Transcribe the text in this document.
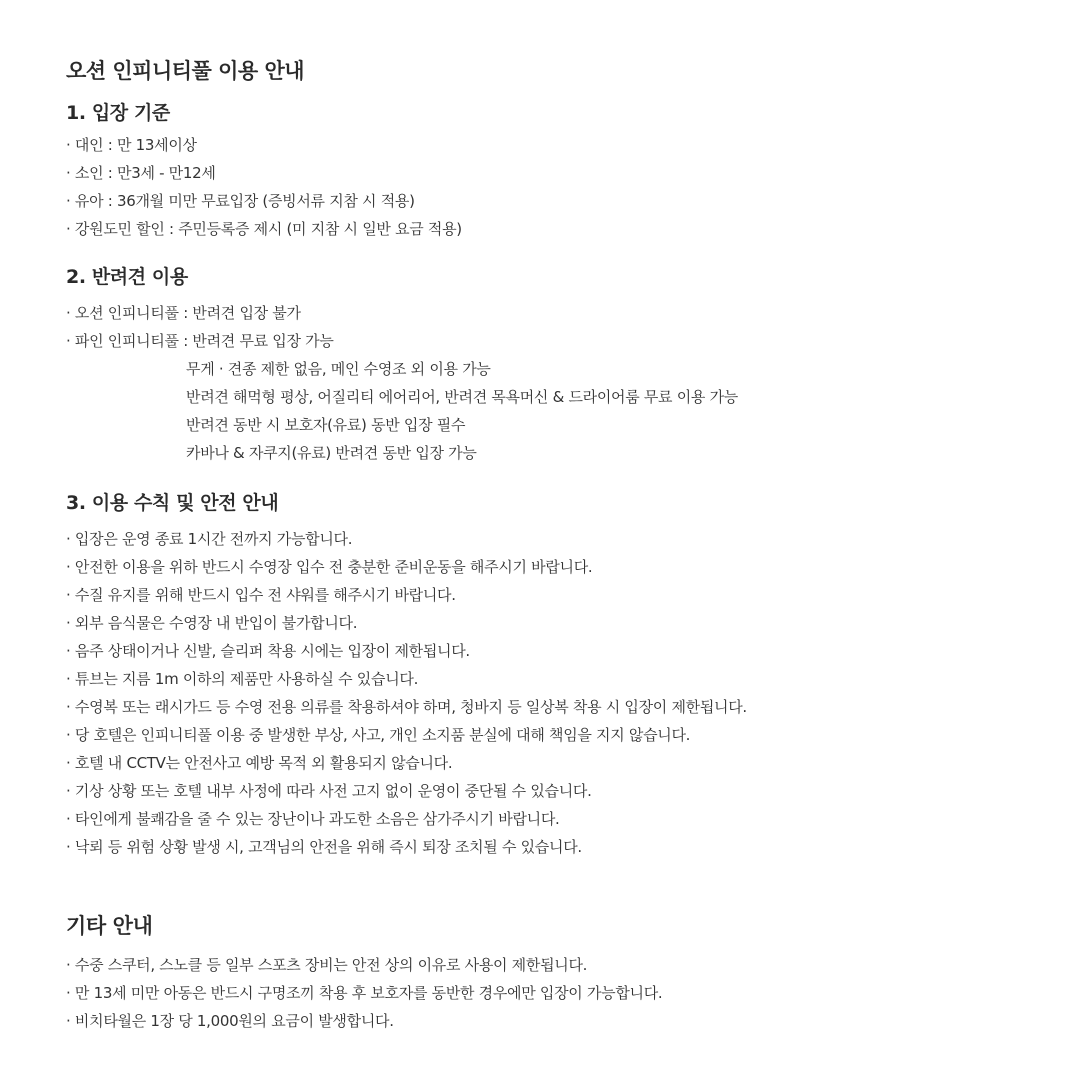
오션 인피니티풀 이용 안내
1. 입장 기준
· 대인 : 만 13세이상
· 소인 : 만3세 - 만12세
· 유아 : 36개월 미만 무료입장 (증빙서류 지참 시 적용)
· 강원도민 할인 : 주민등록증 제시 (미 지참 시 일반 요금 적용)
2. 반려견 이용
· 오션 인피니티풀 : 반려견 입장 불가
· 파인 인피니티풀 : 반려견 무료 입장 가능
무게 · 견종 제한 없음, 메인 수영조 외 이용 가능
반려견 해먹형 평상, 어질리티 에어리어, 반려견 목욕머신 & 드라이어룸 무료 이용 가능
반려견 동반 시 보호자(유료) 동반 입장 필수
카바나 & 자쿠지(유료) 반려견 동반 입장 가능
3. 이용 수칙 및 안전 안내
· 입장은 운영 종료 1시간 전까지 가능합니다.
· 안전한 이용을 위하 반드시 수영장 입수 전 충분한 준비운동을 해주시기 바랍니다.
· 수질 유지를 위해 반드시 입수 전 샤워를 해주시기 바랍니다.
· 외부 음식물은 수영장 내 반입이 불가합니다.
· 음주 상태이거나 신발, 슬리퍼 착용 시에는 입장이 제한됩니다.
· 튜브는 지름 1m 이하의 제품만 사용하실 수 있습니다.
· 수영복 또는 래시가드 등 수영 전용 의류를 착용하셔야 하며, 청바지 등 일상복 착용 시 입장이 제한됩니다.
· 당 호텔은 인피니티풀 이용 중 발생한 부상, 사고, 개인 소지품 분실에 대해 책임을 지지 않습니다.
· 호텔 내 CCTV는 안전사고 예방 목적 외 활용되지 않습니다.
· 기상 상황 또는 호텔 내부 사정에 따라 사전 고지 없이 운영이 중단될 수 있습니다.
· 타인에게 불쾌감을 줄 수 있는 장난이나 과도한 소음은 삼가주시기 바랍니다.
· 낙뢰 등 위험 상황 발생 시, 고객님의 안전을 위해 즉시 퇴장 조치될 수 있습니다.
기타 안내
· 수중 스쿠터, 스노클 등 일부 스포츠 장비는 안전 상의 이유로 사용이 제한됩니다.
· 만 13세 미만 아동은 반드시 구명조끼 착용 후 보호자를 동반한 경우에만 입장이 가능합니다.
· 비치타월은 1장 당 1,000원의 요금이 발생합니다.
